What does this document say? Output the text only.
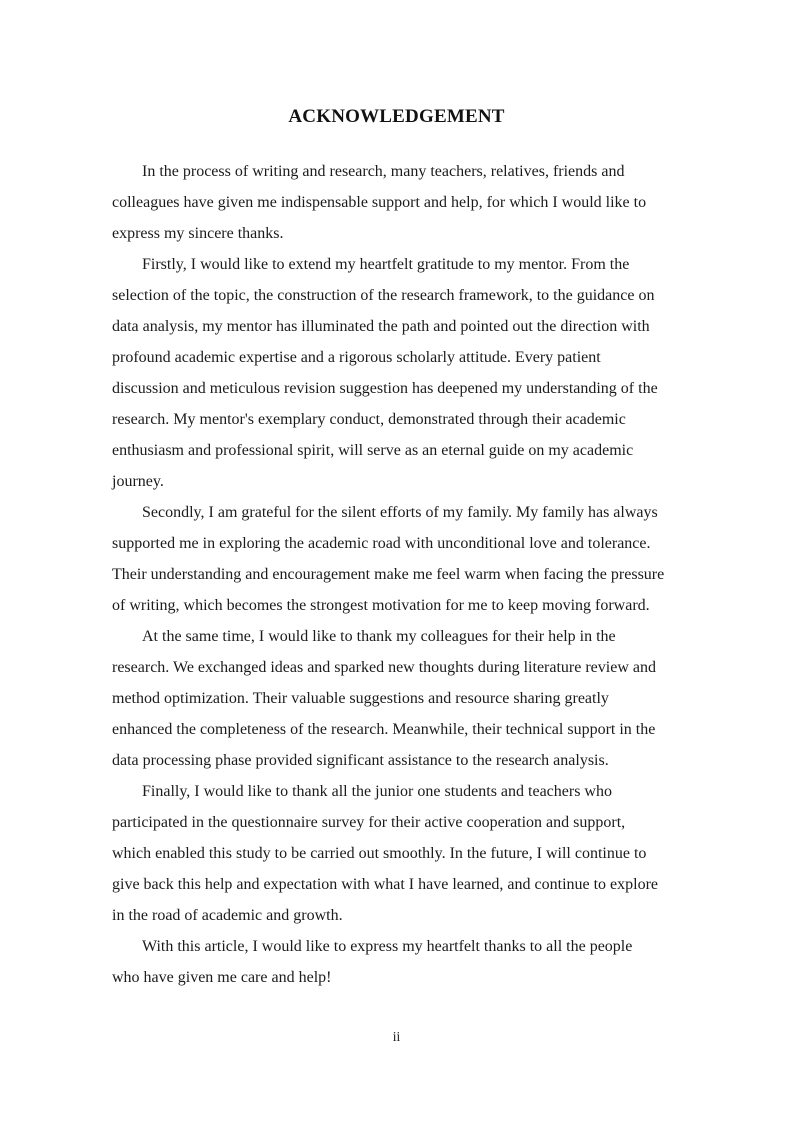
ACKNOWLEDGEMENT

In the process of writing and research, many teachers, relatives, friends and
colleagues have given me indispensable support and help, for which I would like to
express my sincere thanks.

Firstly, I would like to extend my heartfelt gratitude to my mentor. From the
selection of the topic, the construction of the research framework, to the guidance on
data analysis, my mentor has illuminated the path and pointed out the direction with
profound academic expertise and a rigorous scholarly attitude. Every patient
discussion and meticulous revision suggestion has deepened my understanding of the
research. My mentor's exemplary conduct, demonstrated through their academic
enthusiasm and professional spirit, will serve as an eternal guide on my academic
journey.

Secondly, I am grateful for the silent efforts of my family. My family has always
supported me in exploring the academic road with unconditional love and tolerance.
Their understanding and encouragement make me feel warm when facing the pressure
of writing, which becomes the strongest motivation for me to keep moving forward.

At the same time, I would like to thank my colleagues for their help in the
research. We exchanged ideas and sparked new thoughts during literature review and
method optimization. Their valuable suggestions and resource sharing greatly
enhanced the completeness of the research. Meanwhile, their technical support in the
data processing phase provided significant assistance to the research analysis.

Finally, I would like to thank all the junior one students and teachers who
participated in the questionnaire survey for their active cooperation and support,
which enabled this study to be carried out smoothly. In the future, I will continue to
give back this help and expectation with what I have learned, and continue to explore
in the road of academic and growth.

With this article, I would like to express my heartfelt thanks to all the people
who have given me care and help!

ii
